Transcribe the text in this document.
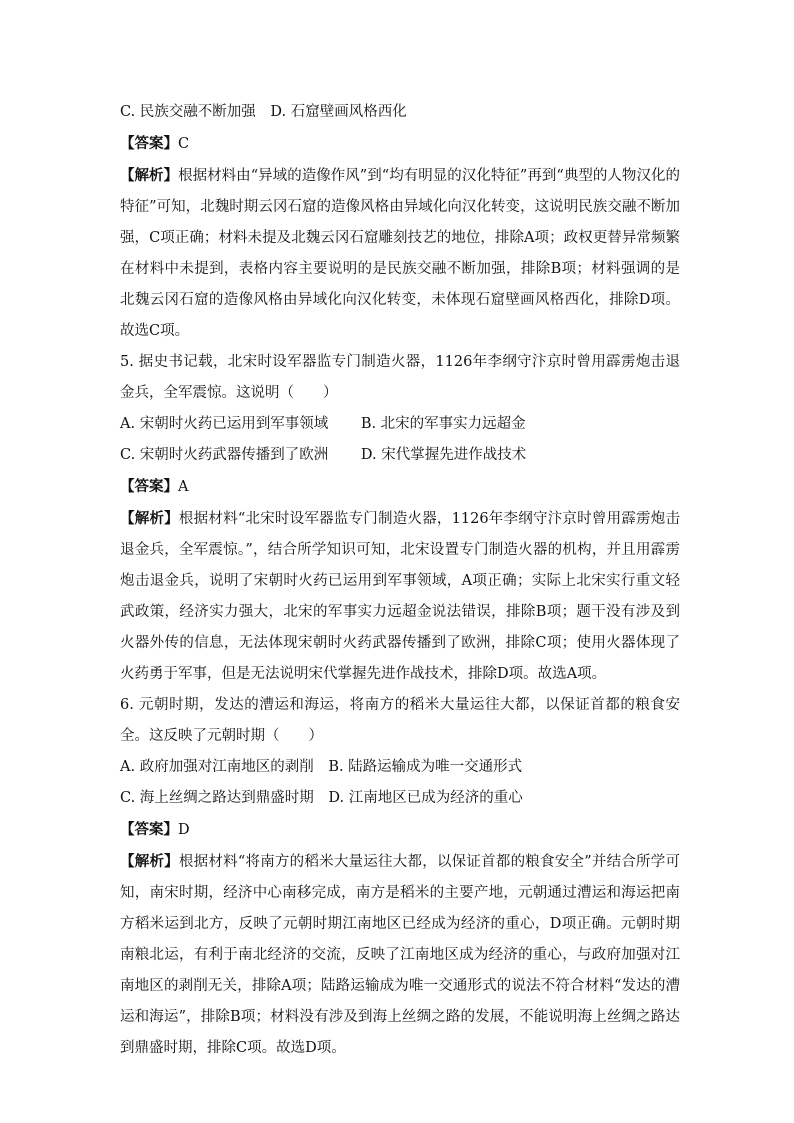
C. 民族交融不断加强 D. 石窟壁画风格西化
【答案】C
【解析】根据材料由“异域的造像作风”到“均有明显的汉化特征”再到“典型的人物汉化的特征”可知，北魏时期云冈石窟的造像风格由异域化向汉化转变，这说明民族交融不断加强，C项正确；材料未提及北魏云冈石窟雕刻技艺的地位，排除A项；政权更替异常频繁在材料中未提到，表格内容主要说明的是民族交融不断加强，排除B项；材料强调的是北魏云冈石窟的造像风格由异域化向汉化转变，未体现石窟壁画风格西化，排除D项。故选C项。
5. 据史书记载，北宋时设军器监专门制造火器，1126年李纲守汴京时曾用霹雳炮击退金兵，全军震惊。这说明（　　）
A. 宋朝时火药已运用到军事领域 B. 北宋的军事实力远超金
C. 宋朝时火药武器传播到了欧洲 D. 宋代掌握先进作战技术
【答案】A
【解析】根据材料“北宋时设军器监专门制造火器，1126年李纲守汴京时曾用霹雳炮击退金兵，全军震惊。”，结合所学知识可知，北宋设置专门制造火器的机构，并且用霹雳炮击退金兵，说明了宋朝时火药已运用到军事领域，A项正确；实际上北宋实行重文轻武政策，经济实力强大，北宋的军事实力远超金说法错误，排除B项；题干没有涉及到火器外传的信息，无法体现宋朝时火药武器传播到了欧洲，排除C项；使用火器体现了火药勇于军事，但是无法说明宋代掌握先进作战技术，排除D项。故选A项。
6. 元朝时期，发达的漕运和海运，将南方的稻米大量运往大都，以保证首都的粮食安全。这反映了元朝时期（　　）
A. 政府加强对江南地区的剥削 B. 陆路运输成为唯一交通形式
C. 海上丝绸之路达到鼎盛时期 D. 江南地区已成为经济的重心
【答案】D
【解析】根据材料“将南方的稻米大量运往大都，以保证首都的粮食安全”并结合所学可知，南宋时期，经济中心南移完成，南方是稻米的主要产地，元朝通过漕运和海运把南方稻米运到北方，反映了元朝时期江南地区已经成为经济的重心，D项正确。元朝时期南粮北运，有利于南北经济的交流，反映了江南地区成为经济的重心，与政府加强对江南地区的剥削无关，排除A项；陆路运输成为唯一交通形式的说法不符合材料“发达的漕运和海运”，排除B项；材料没有涉及到海上丝绸之路的发展，不能说明海上丝绸之路达到鼎盛时期，排除C项。故选D项。
